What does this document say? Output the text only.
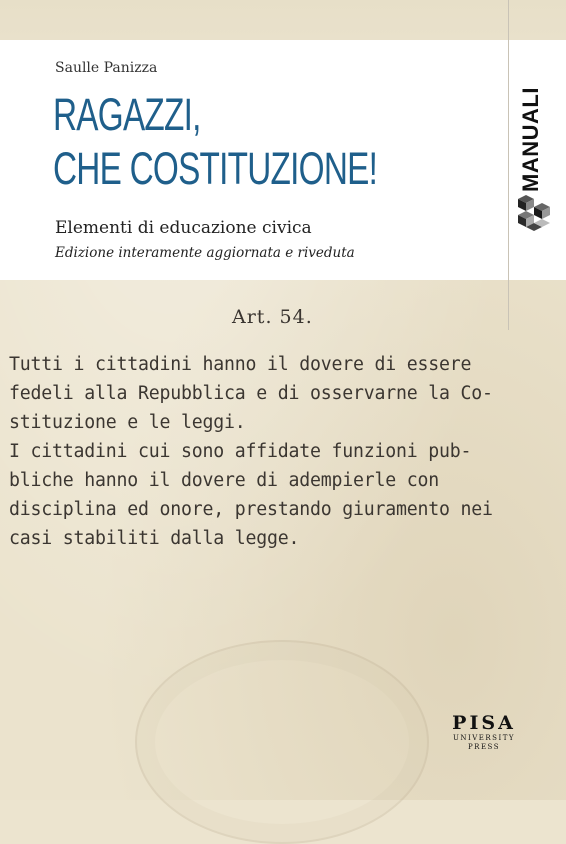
Saulle Panizza
RAGAZZI,
CHE COSTITUZIONE!
Elementi di educazione civica
Edizione interamente aggiornata e riveduta
MANUALI
Art. 54.
Tutti i cittadini hanno il dovere di essere
fedeli alla Repubblica e di osservarne la Co-
stituzione e le leggi.
I cittadini cui sono affidate funzioni pub-
bliche hanno il dovere di adempierle con
disciplina ed onore, prestando giuramento nei
casi stabiliti dalla legge.
PISA
UNIVERSITY
PRESS
